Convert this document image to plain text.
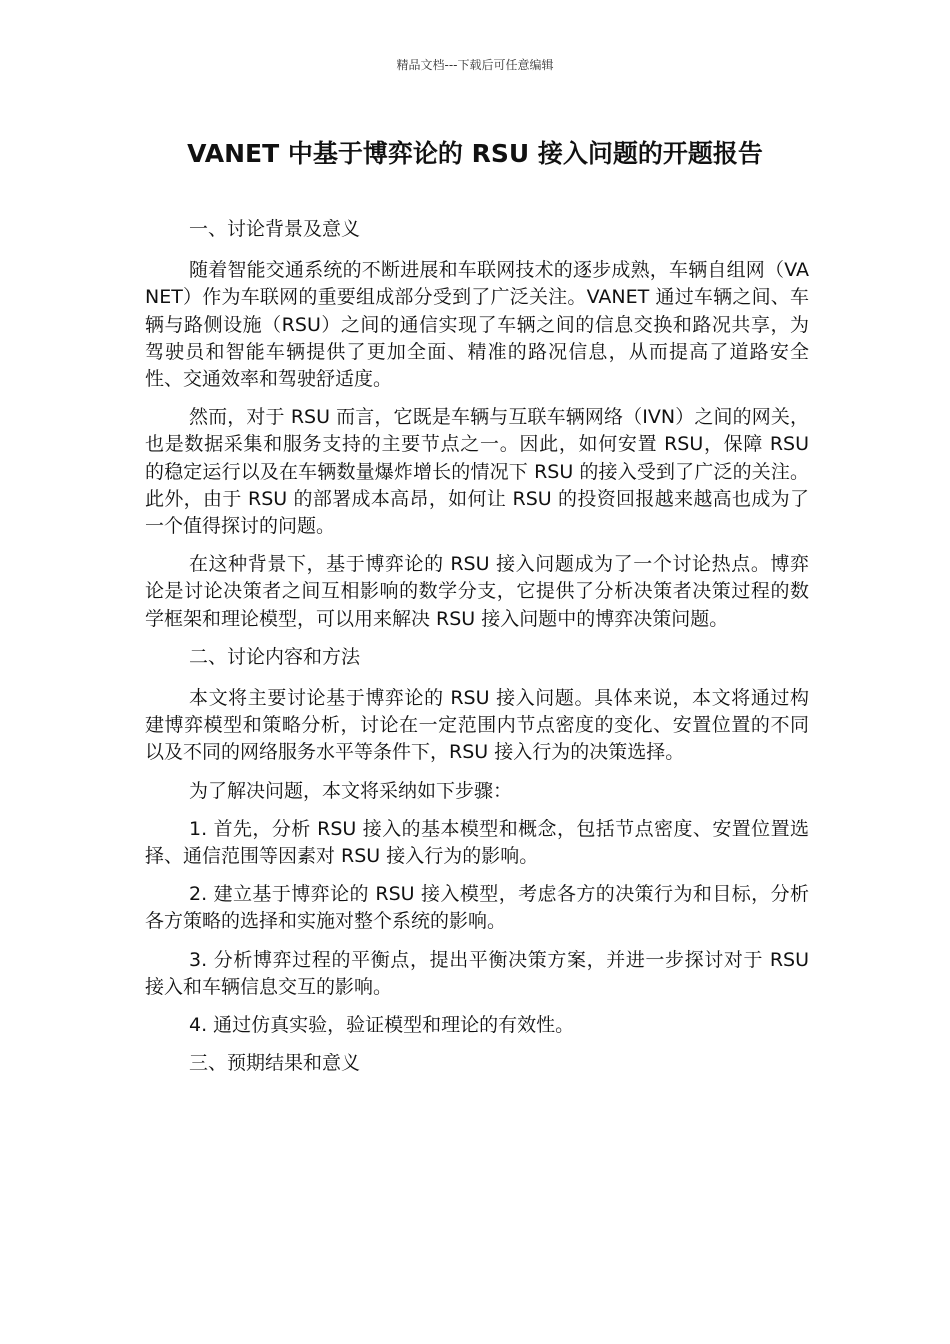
精品文档---下载后可任意编辑
VANET 中基于博弈论的 RSU 接入问题的开题报告

一、讨论背景及意义

随着智能交通系统的不断进展和车联网技术的逐步成熟，车辆自组网（VANET）作为车联网的重要组成部分受到了广泛关注。VANET 通过车辆之间、车辆与路侧设施（RSU）之间的通信实现了车辆之间的信息交换和路况共享，为驾驶员和智能车辆提供了更加全面、精准的路况信息，从而提高了道路安全性、交通效率和驾驶舒适度。

然而，对于 RSU 而言，它既是车辆与互联车辆网络（IVN）之间的网关，也是数据采集和服务支持的主要节点之一。因此，如何安置 RSU，保障 RSU 的稳定运行以及在车辆数量爆炸增长的情况下 RSU 的接入受到了广泛的关注。此外，由于 RSU 的部署成本高昂，如何让 RSU 的投资回报越来越高也成为了一个值得探讨的问题。

在这种背景下，基于博弈论的 RSU 接入问题成为了一个讨论热点。博弈论是讨论决策者之间互相影响的数学分支，它提供了分析决策者决策过程的数学框架和理论模型，可以用来解决 RSU 接入问题中的博弈决策问题。

二、讨论内容和方法

本文将主要讨论基于博弈论的 RSU 接入问题。具体来说，本文将通过构建博弈模型和策略分析，讨论在一定范围内节点密度的变化、安置位置的不同以及不同的网络服务水平等条件下，RSU 接入行为的决策选择。

为了解决问题，本文将采纳如下步骤：

1. 首先，分析 RSU 接入的基本模型和概念，包括节点密度、安置位置选择、通信范围等因素对 RSU 接入行为的影响。

2. 建立基于博弈论的 RSU 接入模型，考虑各方的决策行为和目标，分析各方策略的选择和实施对整个系统的影响。

3. 分析博弈过程的平衡点，提出平衡决策方案，并进一步探讨对于 RSU 接入和车辆信息交互的影响。

4. 通过仿真实验，验证模型和理论的有效性。

三、预期结果和意义
